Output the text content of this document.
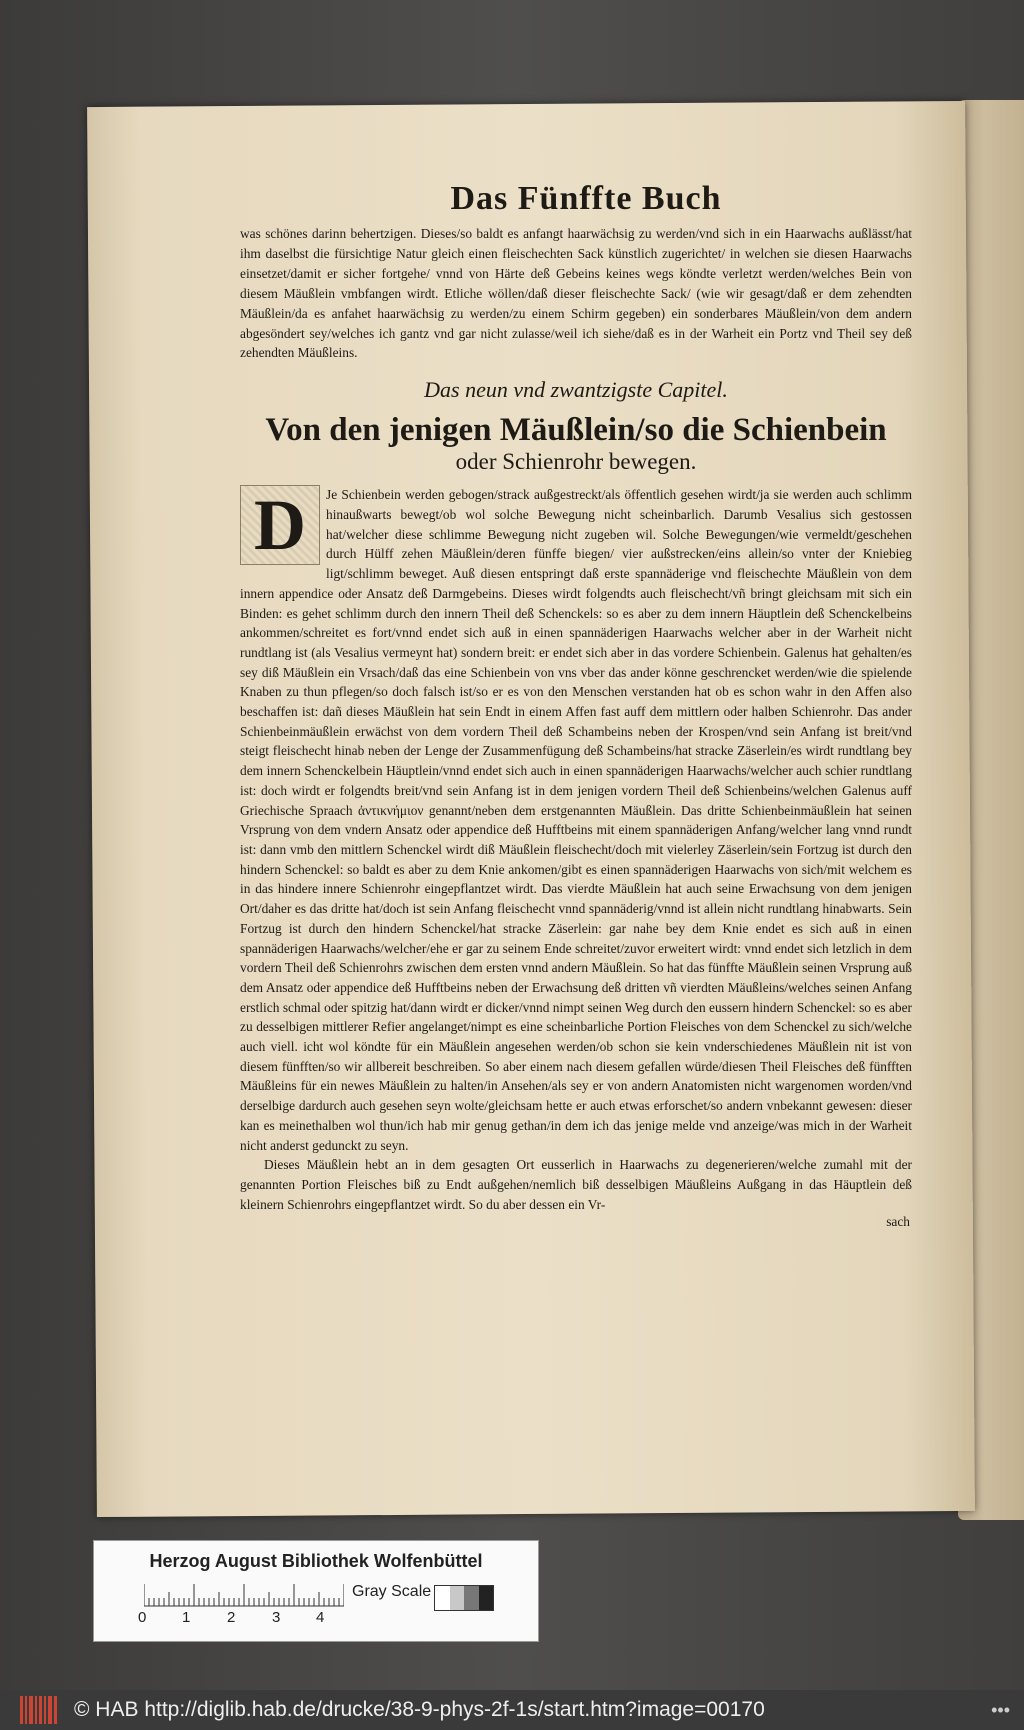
Das Fünffte Buch

was schönes darinn behertzigen. Dieses/so baldt es anfangt haarwächsig zu werden/vnd sich in ein Haarwachs außlässt/hat ihm daselbst die fürsichtige Natur gleich einen fleischechten Sack künstlich zugerichtet/ in welchen sie diesen Haarwachs einsetzet/damit er sicher fortgehe/ vnnd von Härte deß Gebeins keines wegs köndte verletzt werden/welches Bein von diesem Mäußlein vmbfangen wirdt. Etliche wöllen/daß dieser fleischechte Sack/ (wie wir gesagt/daß er dem zehendten Mäußlein/da es anfahet haarwächsig zu werden/zu einem Schirm gegeben) ein sonderbares Mäußlein/von dem andern abgesöndert sey/welches ich gantz vnd gar nicht zulasse/weil ich siehe/daß es in der Warheit ein Portz vnd Theil sey deß zehendten Mäußleins.

Das neun vnd zwantzigste Capitel.
Von den jenigen Mäußlein/so die Schienbein
oder Schienrohr bewegen.
D	Je Schienbein werden gebogen/strack außgestreckt/als öffentlich gesehen wirdt/ja sie werden auch schlimm hinaußwarts bewegt/ob wol solche Bewegung nicht scheinbarlich. Darumb Vesalius sich gestossen hat/welcher diese schlimme Bewegung nicht zugeben wil. Solche Bewegungen/wie vermeldt/geschehen durch Hülff zehen Mäußlein/deren fünffe biegen/ vier außstrecken/eins allein/so vnter der Kniebieg ligt/schlimm beweget. Auß diesen entspringt daß erste spannäderige vnd fleischechte Mäußlein von dem innern appendice oder Ansatz deß Darmgebeins. Dieses wirdt folgendts auch fleischecht/vñ bringt gleichsam mit sich ein Binden: es gehet schlimm durch den innern Theil deß Schenckels: so es aber zu dem innern Häuptlein deß Schenckelbeins ankommen/schreitet es fort/vnnd endet sich auß in einen spannäderigen Haarwachs welcher aber in der Warheit nicht rundtlang ist (als Vesalius vermeynt hat) sondern breit: er endet sich aber in das vordere Schienbein. Galenus hat gehalten/es sey diß Mäußlein ein Vrsach/daß das eine Schienbein von vns vber das ander könne geschrencket werden/wie die spielende Knaben zu thun pflegen/so doch falsch ist/so er es von den Menschen verstanden hat ob es schon wahr in den Affen also beschaffen ist: dañ dieses Mäußlein hat sein Endt in einem Affen fast auff dem mittlern oder halben Schienrohr. Das ander Schienbeinmäußlein erwächst von dem vordern Theil deß Schambeins neben der Krospen/vnd sein Anfang ist breit/vnd steigt fleischecht hinab neben der Lenge der Zusammenfügung deß Schambeins/hat stracke Zäserlein/es wirdt rundtlang bey dem innern Schenckelbein Häuptlein/vnnd endet sich auch in einen spannäderigen Haarwachs/welcher auch schier rundtlang ist: doch wirdt er folgendts breit/vnd sein Anfang ist in dem jenigen vordern Theil deß Schienbeins/welchen Galenus auff Griechische Spraach ἀντικνήμιον genannt/neben dem erstgenannten Mäußlein. Das dritte Schienbeinmäußlein hat seinen Vrsprung von dem vndern Ansatz oder appendice deß Hufftbeins mit einem spannäderigen Anfang/welcher lang vnnd rundt ist: dann vmb den mittlern Schenckel wirdt diß Mäußlein fleischecht/doch mit vielerley Zäserlein/sein Fortzug ist durch den hindern Schenckel: so baldt es aber zu dem Knie ankomen/gibt es einen spannäderigen Haarwachs von sich/mit welchem es in das hindere innere Schienrohr eingepflantzet wirdt. Das vierdte Mäußlein hat auch seine Erwachsung von dem jenigen Ort/daher es das dritte hat/doch ist sein Anfang fleischecht vnnd spannäderig/vnnd ist allein nicht rundtlang hinabwarts. Sein Fortzug ist durch den hindern Schenckel/hat stracke Zäserlein: gar nahe bey dem Knie endet es sich auß in einen spannäderigen Haarwachs/welcher/ehe er gar zu seinem Ende schreitet/zuvor erweitert wirdt: vnnd endet sich letzlich in dem vordern Theil deß Schienrohrs zwischen dem ersten vnnd andern Mäußlein. So hat das fünffte Mäußlein seinen Vrsprung auß dem Ansatz oder appendice deß Hufftbeins neben der Erwachsung deß dritten vñ vierdten Mäußleins/welches seinen Anfang erstlich schmal oder spitzig hat/dann wirdt er dicker/vnnd nimpt seinen Weg durch den eussern hindern Schenckel: so es aber zu desselbigen mittlerer Refier angelanget/nimpt es eine scheinbarliche Portion Fleisches von dem Schenckel zu sich/welche auch viell. icht wol köndte für ein Mäußlein angesehen werden/ob schon sie kein vnderschiedenes Mäußlein nit ist von diesem fünfften/so wir allbereit beschreiben. So aber einem nach diesem gefallen würde/diesen Theil Fleisches deß fünfften Mäußleins für ein newes Mäußlein zu halten/in Ansehen/als sey er von andern Anatomisten nicht wargenomen worden/vnd derselbige dardurch auch gesehen seyn wolte/gleichsam hette er auch etwas erforschet/so andern vnbekannt gewesen: dieser kan es meinethalben wol thun/ich hab mir genug gethan/in dem ich das jenige melde vnd anzeige/was mich in der Warheit nicht anderst gedunckt zu seyn.

Dieses Mäußlein hebt an in dem gesagten Ort eusserlich in Haarwachs zu degenerieren/welche zumahl mit der genannten Portion Fleisches biß zu Endt außgehen/nemlich biß desselbigen Mäußleins Außgang in das Häuptlein deß kleinern Schienrohrs eingepflantzet wirdt. So du aber dessen ein Vr-

sach
Herzog August Bibliothek Wolfenbüttel
0 1 2 3 4
Gray Scale
© HAB http://diglib.hab.de/drucke/38-9-phys-2f-1s/start.htm?image=00170	•••
